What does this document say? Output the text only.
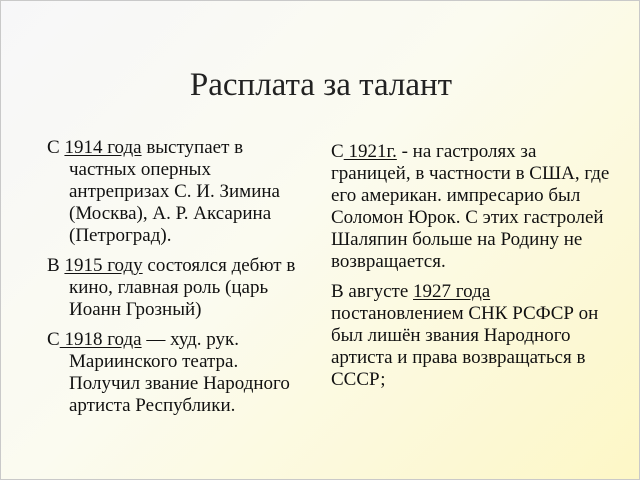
Расплата за талант

С 1914 года выступает в частных оперных антрепризах С. И. Зимина (Москва), А. Р. Аксарина (Петроград).

В 1915 году состоялся дебют в кино, главная роль (царь Иоанн Грозный)

С 1918 года — худ. рук. Мариинского театра. Получил звание Народного артиста Республики.

С 1921г. - на гастролях за границей, в частности в США, где его американ. импресарио был Соломон Юрок. С этих гастролей Шаляпин больше на Родину не возвращается.

В августе 1927 года постановлением СНК РСФСР он был лишён звания Народного артиста и права возвращаться в СССР;
